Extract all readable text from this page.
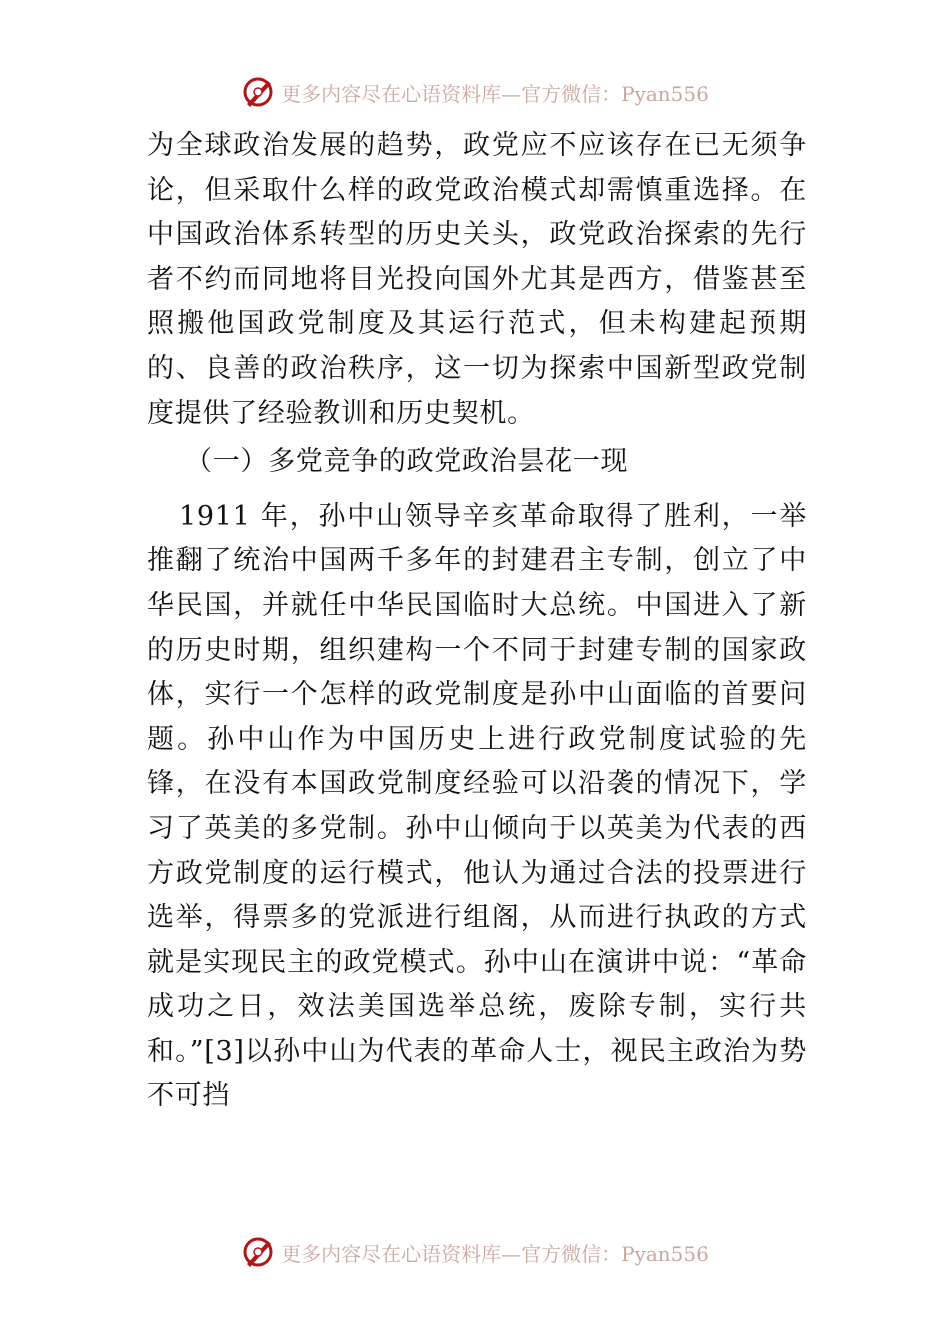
更多内容尽在心语资料库—官方微信：Pyan556

为全球政治发展的趋势，政党应不应该存在已无须争论，但采取什么样的政党政治模式却需慎重选择。在中国政治体系转型的历史关头，政党政治探索的先行者不约而同地将目光投向国外尤其是西方，借鉴甚至照搬他国政党制度及其运行范式，但未构建起预期的、良善的政治秩序，这一切为探索中国新型政党制度提供了经验教训和历史契机。

（一）多党竞争的政党政治昙花一现

1911 年，孙中山领导辛亥革命取得了胜利，一举推翻了统治中国两千多年的封建君主专制，创立了中华民国，并就任中华民国临时大总统。中国进入了新的历史时期，组织建构一个不同于封建专制的国家政体，实行一个怎样的政党制度是孙中山面临的首要问题。孙中山作为中国历史上进行政党制度试验的先锋，在没有本国政党制度经验可以沿袭的情况下，学习了英美的多党制。孙中山倾向于以英美为代表的西方政党制度的运行模式，他认为通过合法的投票进行选举，得票多的党派进行组阁，从而进行执政的方式就是实现民主的政党模式。孙中山在演讲中说：“革命成功之日，效法美国选举总统，废除专制，实行共和。”[3]以孙中山为代表的革命人士，视民主政治为势不可挡

更多内容尽在心语资料库—官方微信：Pyan556
